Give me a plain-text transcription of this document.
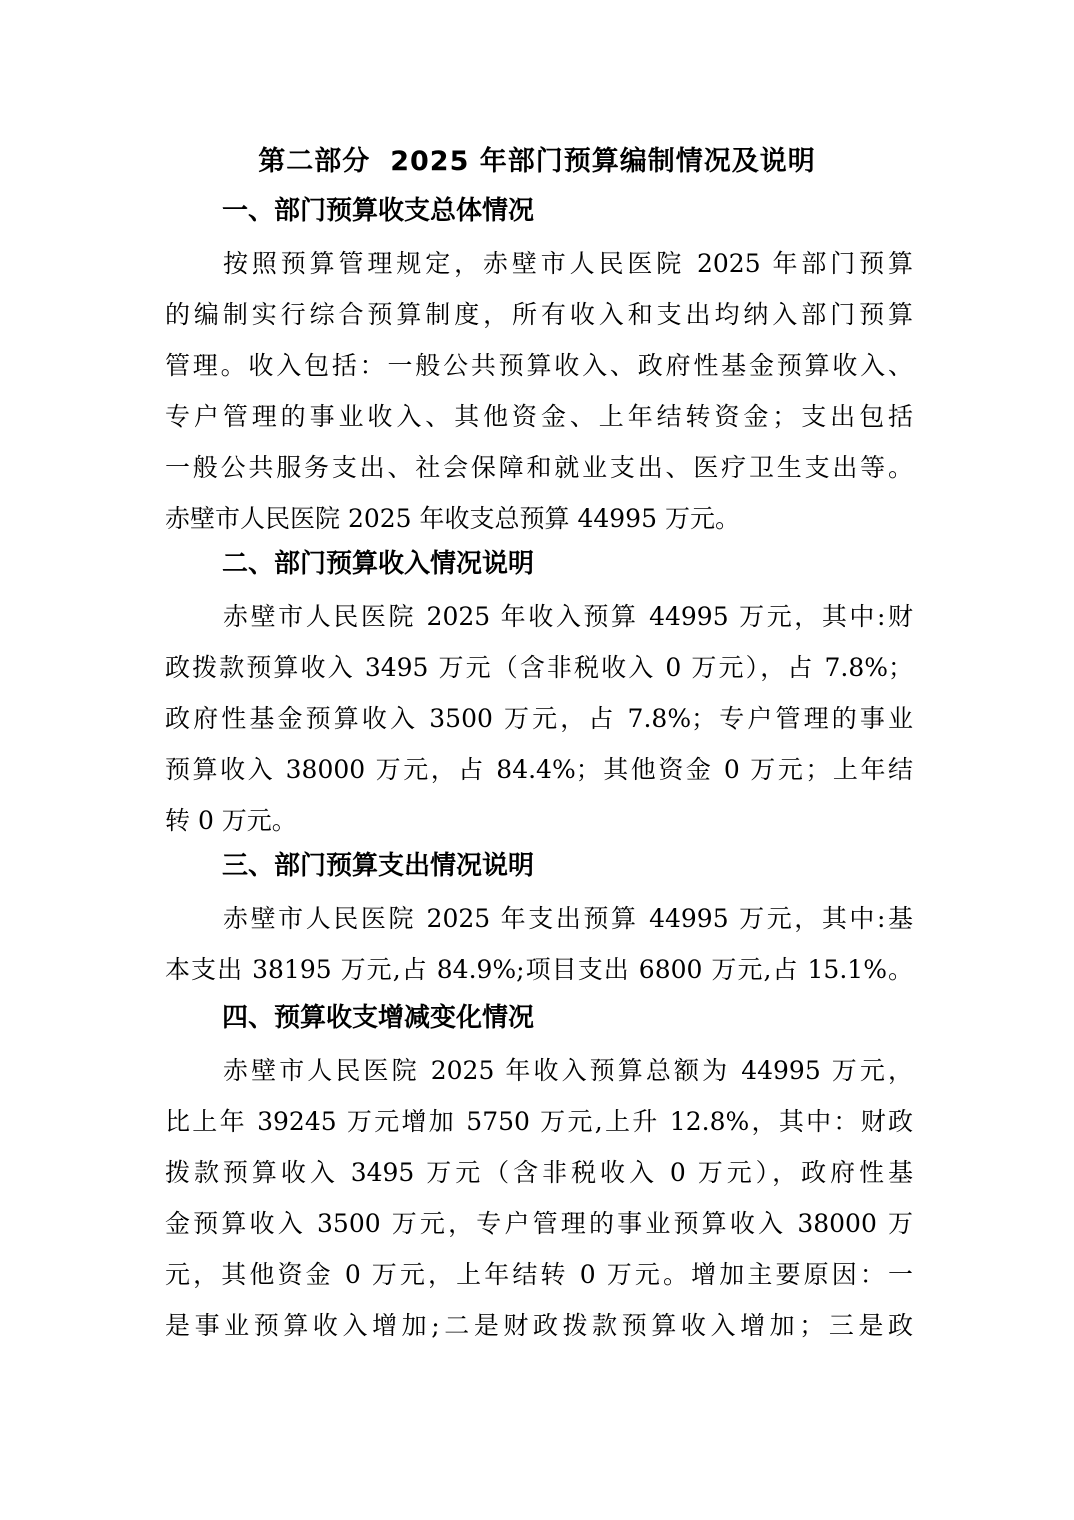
第二部分 2025 年部门预算编制情况及说明
一、部门预算收支总体情况
按照预算管理规定，赤壁市人民医院 2025 年部门预算
的编制实行综合预算制度，所有收入和支出均纳入部门预算
管理。收入包括：一般公共预算收入、政府性基金预算收入、
专户管理的事业收入、其他资金、上年结转资金；支出包括
一般公共服务支出、社会保障和就业支出、医疗卫生支出等。
赤壁市人民医院 2025 年收支总预算 44995 万元。
二、部门预算收入情况说明
赤壁市人民医院 2025 年收入预算 44995 万元，其中:财
政拨款预算收入 3495 万元（含非税收入 0 万元），占 7.8%；
政府性基金预算收入 3500 万元，占 7.8%；专户管理的事业
预算收入 38000 万元，占 84.4%；其他资金 0 万元；上年结
转 0 万元。
三、部门预算支出情况说明
赤壁市人民医院 2025 年支出预算 44995 万元，其中:基
本支出 38195 万元,占 84.9%;项目支出 6800 万元,占 15.1%。
四、预算收支增减变化情况
赤壁市人民医院 2025 年收入预算总额为 44995 万元，
比上年 39245 万元增加 5750 万元,上升 12.8%，其中：财政
拨款预算收入 3495 万元（含非税收入 0 万元），政府性基
金预算收入 3500 万元，专户管理的事业预算收入 38000 万
元，其他资金 0 万元，上年结转 0 万元。增加主要原因：一
是事业预算收入增加;二是财政拨款预算收入增加；三是政
